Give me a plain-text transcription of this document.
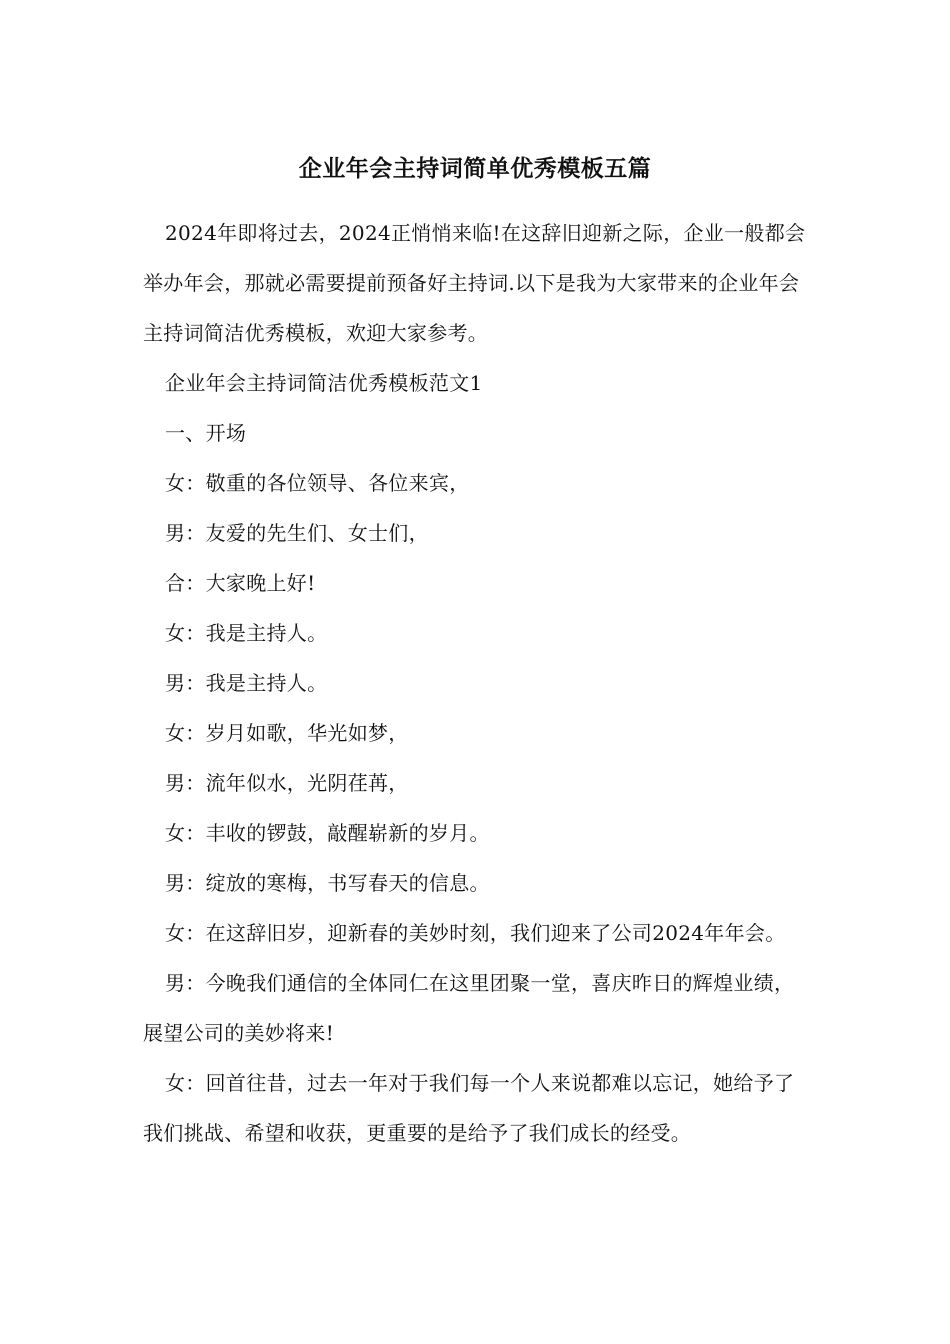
企业年会主持词简单优秀模板五篇

2024年即将过去，2024正悄悄来临!在这辞旧迎新之际，企业一般都会举办年会，那就必需要提前预备好主持词.以下是我为大家带来的企业年会主持词简洁优秀模板，欢迎大家参考。

企业年会主持词简洁优秀模板范文1

一、开场

女：敬重的各位领导、各位来宾，

男：友爱的先生们、女士们，

合：大家晚上好!

女：我是主持人。

男：我是主持人。

女：岁月如歌，华光如梦，

男：流年似水，光阴荏苒，

女：丰收的锣鼓，敲醒崭新的岁月。

男：绽放的寒梅，书写春天的信息。

女：在这辞旧岁，迎新春的美妙时刻，我们迎来了公司2024年年会。

男：今晚我们通信的全体同仁在这里团聚一堂，喜庆昨日的辉煌业绩，展望公司的美妙将来!

女：回首往昔，过去一年对于我们每一个人来说都难以忘记，她给予了我们挑战、希望和收获，更重要的是给予了我们成长的经受。
